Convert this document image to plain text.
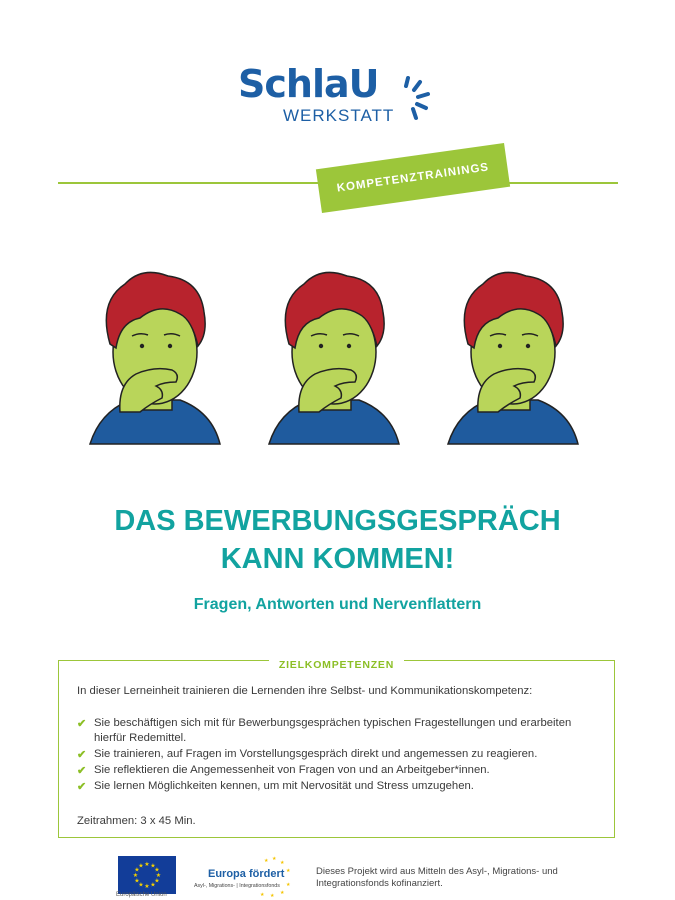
SchlaU
WERKSTATT
KOMPETENZTRAININGS
DAS BEWERBUNGSGESPRÄCH
KANN KOMMEN!
Fragen, Antworten und Nervenflattern
ZIELKOMPETENZEN
In dieser Lerneinheit trainieren die Lernenden ihre Selbst- und Kommunikationskompetenz:
✔ Sie beschäftigen sich mit für Bewerbungsgesprächen typischen Fragestellungen und erarbeiten hierfür Redemittel.
✔ Sie trainieren, auf Fragen im Vorstellungsgespräch direkt und angemessen zu reagieren.
✔ Sie reflektieren die Angemessenheit von Fragen von und an Arbeitgeber*innen.
✔ Sie lernen Möglichkeiten kennen, um mit Nervosität und Stress umzugehen.
Zeitrahmen: 3 x 45 Min.
★ ★
★
★
★
★
★
★
★
★
★
★
Europäische Union
★ ★
★
★
★
★
★
★
Europa fördert
Asyl-, Migrations- | Integrationsfonds
Dieses Projekt wird aus Mitteln des Asyl-, Migrations- und Integrationsfonds kofinanziert.
